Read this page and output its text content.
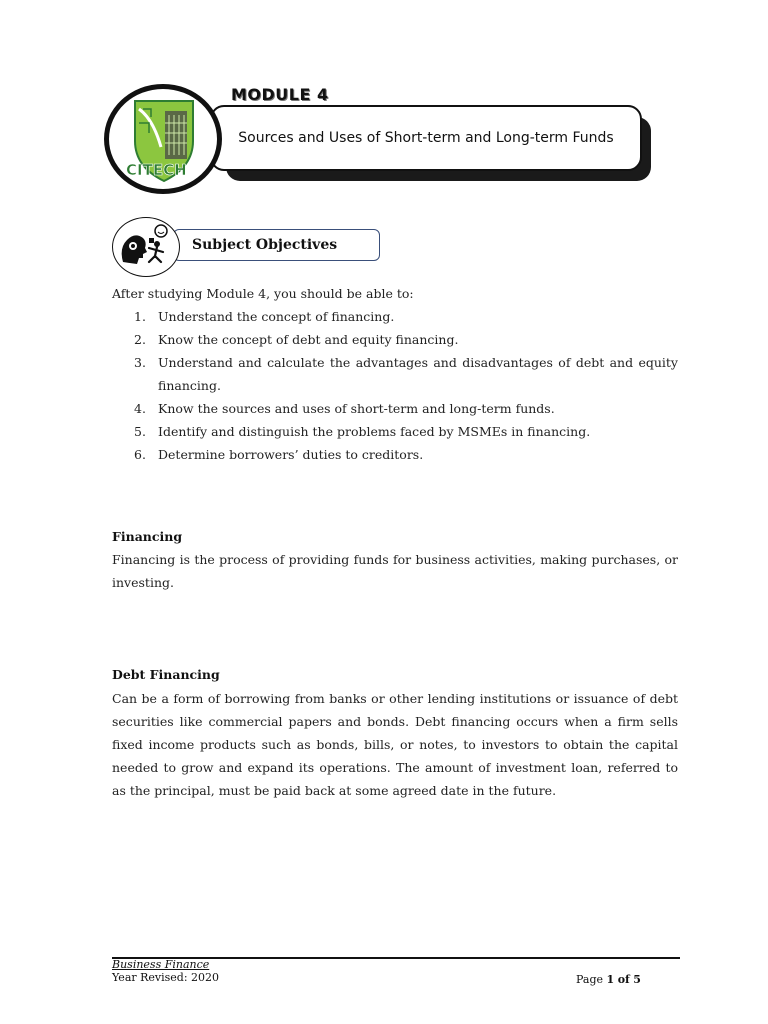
CITECH
MODULE 4
Sources and Uses of Short-term and Long-term Funds
Subject Objectives
After studying Module 4, you should be able to:
1. Understand the concept of financing.
2. Know the concept of debt and equity financing.
3. Understand and calculate the advantages and disadvantages of debt and equity financing.
4. Know the sources and uses of short-term and long-term funds.
5. Identify and distinguish the problems faced by MSMEs in financing.
6. Determine borrowers’ duties to creditors.
Financing
Financing is the process of providing funds for business activities, making purchases, or investing.
Debt Financing
Can be a form of borrowing from banks or other lending institutions or issuance of debt securities like commercial papers and bonds. Debt financing occurs when a firm sells fixed income products such as bonds, bills, or notes, to investors to obtain the capital needed to grow and expand its operations. The amount of investment loan, referred to as the principal, must be paid back at some agreed date in the future.
Business Finance
Year Revised: 2020	Page 1 of 5
